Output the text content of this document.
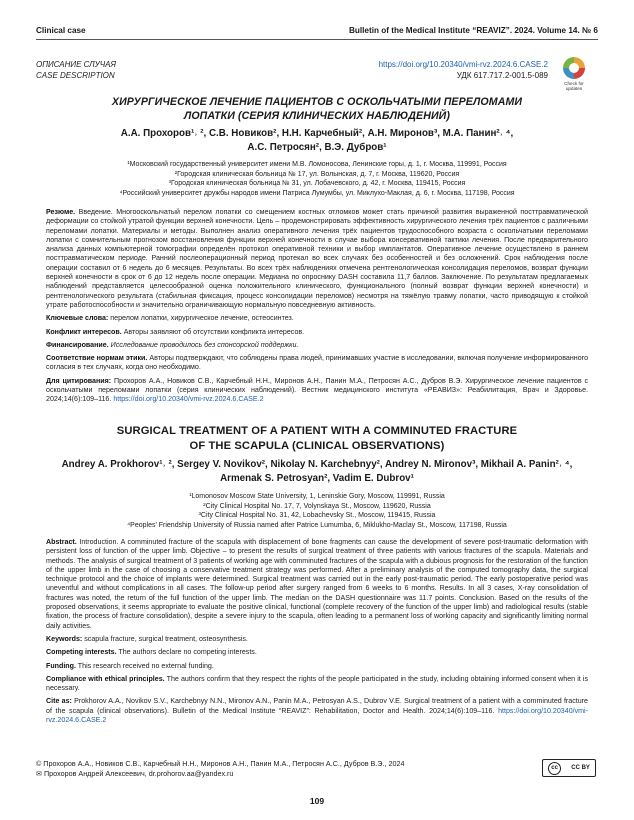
Clinical case	Bulletin of the Medical Institute “REAVIZ”. 2024. Volume 14. № 6
ОПИСАНИЕ СЛУЧАЯ
CASE DESCRIPTION
https://doi.org/10.20340/vmi-rvz.2024.6.CASE.2
УДК 617.717.2-001.5-089
Check for
updates
ХИРУРГИЧЕСКОЕ ЛЕЧЕНИЕ ПАЦИЕНТОВ С ОСКОЛЬЧАТЫМИ ПЕРЕЛОМАМИ
ЛОПАТКИ (СЕРИЯ КЛИНИЧЕСКИХ НАБЛЮДЕНИЙ)
А.А. Прохоров¹˒ ², С.В. Новиков², Н.Н. Карчебный², А.Н. Миронов³, М.А. Панин²˒ ⁴,
А.С. Петросян², В.Э. Дубров¹
¹Московский государственный университет имени М.В. Ломоносова, Ленинские горы, д. 1, г. Москва, 119991, Россия
²Городская клиническая больница № 17, ул. Волынская, д. 7, г. Москва, 119620, Россия
³Городская клиническая больница № 31, ул. Лобачевского, д. 42, г. Москва, 119415, Россия
⁴Российский университет дружбы народов имени Патриса Лумумбы, ул. Миклухо-Маклая, д. 6, г. Москва, 117198, Россия

Резюме. Введение. Многоосколычатый перелом лопатки со смещением костных отломков может стать причиной развития выраженной посттравматической деформации со стойкой утратой функции верхней конечности. Цель – продемонстрировать эффективность хирургического лечения трёх пациентов с различными переломами лопатки. Материалы и методы. Выполнен анализ оперативного лечения трёх пациентов трудоспособного возраста с оскольчатыми переломами лопатки с сомнительным прогнозом восстановления функции верхней конечности в случае выбора консервативной тактики лечения. После предварительного анализа данных компьютерной томографии определён протокол оперативной техники и выбор имплантатов. Оперативное лечение осуществлено в раннем посттравматическом периоде. Ранний послеоперационный период протекал во всех случаях без особенностей и без осложнений. Срок наблюдения после операции составил от 6 недель до 6 месяцев. Результаты. Во всех трёх наблюдениях отмечена рентгенологическая консолидация переломов, возврат функции верхней конечности в срок от 6 до 12 недель после операции. Медиана по опроснику DASH составила 11,7 баллов. Заключение. По результатам предлагаемых наблюдений представляется целесообразной оценка положительного клинического, функционального (полный возврат функции верхней конечности) и рентгенологического результата (стабильная фиксация, процесс консолидации переломов) несмотря на тяжёлую травму лопатки, часто приводящую к стойкой утрате работоспособности и значительно ограничивающую нормальную повседневную активность.

Ключевые слова: перелом лопатки, хирургическое лечение, остеосинтез.

Конфликт интересов. Авторы заявляют об отсутствии конфликта интересов.

Финансирование. Исследование проводилось без спонсорской поддержки.

Соответствие нормам этики. Авторы подтверждают, что соблюдены права людей, принимавших участие в исследовании, включая получение информированного согласия в тех случаях, когда оно необходимо.

Для цитирования: Прохоров А.А., Новиков С.В., Карчебный Н.Н., Миронов А.Н., Панин М.А., Петросян А.С., Дубров В.Э. Хирургическое лечение пациентов с оскольчатыми переломами лопатки (серия клинических наблюдений). Вестник медицинского института «РЕАВИЗ»: Реабилитация, Врач и Здоровье. 2024;14(6):109–116. https://doi.org/10.20340/vmi-rvz.2024.6.CASE.2

SURGICAL TREATMENT OF A PATIENT WITH A COMMINUTED FRACTURE
OF THE SCAPULA (CLINICAL OBSERVATIONS)
Andrey A. Prokhorov¹˒ ², Sergey V. Novikov², Nikolay N. Karchebnyy², Andrey N. Mironov³, Mikhail A. Panin²˒ ⁴,
Armenak S. Petrosyan², Vadim E. Dubrov¹
¹Lomonosov Moscow State University, 1, Leninskie Gory, Moscow, 119991, Russia
²City Clinical Hospital No. 17, 7, Volynskaya St., Moscow, 119620, Russia
³City Clinical Hospital No. 31, 42, Lobachevsky St., Moscow, 119415, Russia
⁴Peoples' Friendship University of Russia named after Patrice Lumumba, 6, Miklukho-Maclay St., Moscow, 117198, Russia

Abstract. Introduction. A comminuted fracture of the scapula with displacement of bone fragments can cause the development of severe post-traumatic deformation with persistent loss of function of the upper limb. Objective – to present the results of surgical treatment of three patients with various fractures of the scapula. Materials and methods. The analysis of surgical treatment of 3 patients of working age with comminuted fractures of the scapula with a dubious prognosis for the restoration of the function of the upper limb in the case of choosing a conservative treatment strategy was performed. After a preliminary analysis of the computed tomography data, the surgical technique protocol and the choice of implants were determined. Surgical treatment was carried out in the early post-traumatic period. The early postoperative period was uneventful and without complications in all cases. The follow-up period after surgery ranged from 6 weeks to 6 months. Results. In all 3 cases, X-ray consolidation of fractures was noted, the return of the full function of the upper limb. The median on the DASH questionnaire was 11.7 points. Conclusion. Based on the results of the proposed observations, it seems appropriate to evaluate the positive clinical, functional (complete recovery of the function of the upper limb) and radiological results (stable fixation, the process of fracture consolidation), despite a severe injury to the scapula, often leading to a permanent loss of working capacity and significantly limiting normal daily activities.

Keywords: scapula fracture, surgical treatment, osteosynthesis.

Competing interests. The authors declare no competing interests.

Funding. This research received no external funding.

Compliance with ethical principles. The authors confirm that they respect the rights of the people participated in the study, including obtaining informed consent when it is necessary.

Cite as: Prokhorov A.A., Novikov S.V., Karchebnyy N.N., Mironov A.N., Panin M.A., Petrosyan A.S., Dubrov V.E. Surgical treatment of a patient with a comminuted fracture of the scapula (clinical observations). Bulletin of the Medical Institute “REAVIZ”: Rehabilitation, Doctor and Health. 2024;14(6):109–116. https://doi.org/10.20340/vmi-rvz.2024.6.CASE.2

© Прохоров А.А., Новиков С.В., Карчебный Н.Н., Миронов А.Н., Панин М.А., Петросян А.С., Дубров В.Э., 2024
✉ Прохоров Андрей Алексеевич, dr.prohorov.aa@yandex.ru
cc	CC BY
109
